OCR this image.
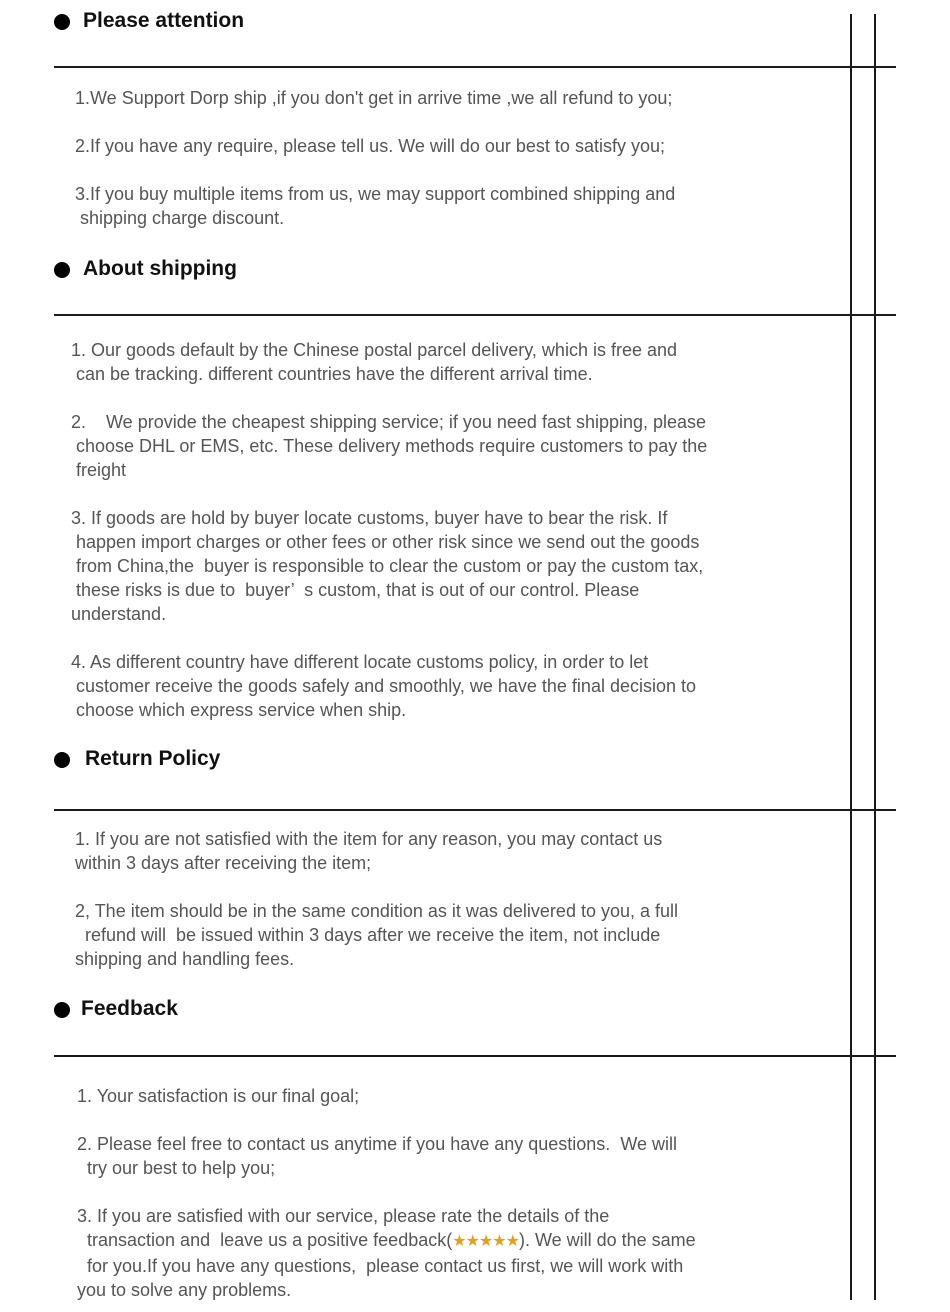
Please attention
1.We Support Dorp ship ,if you don't get in arrive time ,we all refund to you;
2.If you have any require, please tell us. We will do our best to satisfy you;
3.If you buy multiple items from us, we may support combined shipping and
shipping charge discount.
About shipping
1. Our goods default by the Chinese postal parcel delivery, which is free and
can be tracking. different countries have the different arrival time.
2.    We provide the cheapest shipping service; if you need fast shipping, please
choose DHL or EMS, etc. These delivery methods require customers to pay the
freight
3. If goods are hold by buyer locate customs, buyer have to bear the risk. If
happen import charges or other fees or other risk since we send out the goods
from China,the  buyer is responsible to clear the custom or pay the custom tax,
these risks is due to  buyer’  s custom, that is out of our control. Please
understand.
4. As different country have different locate customs policy, in order to let
customer receive the goods safely and smoothly, we have the final decision to
choose which express service when ship.
Return Policy
1. If you are not satisfied with the item for any reason, you may contact us
within 3 days after receiving the item;
2, The item should be in the same condition as it was delivered to you, a full
refund will  be issued within 3 days after we receive the item, not include
shipping and handling fees.
Feedback
1. Your satisfaction is our final goal;
2. Please feel free to contact us anytime if you have any questions.  We will
try our best to help you;
3. If you are satisfied with our service, please rate the details of the
transaction and  leave us a positive feedback(★★★★★). We will do the same
for you.If you have any questions,  please contact us first, we will work with
you to solve any problems.
